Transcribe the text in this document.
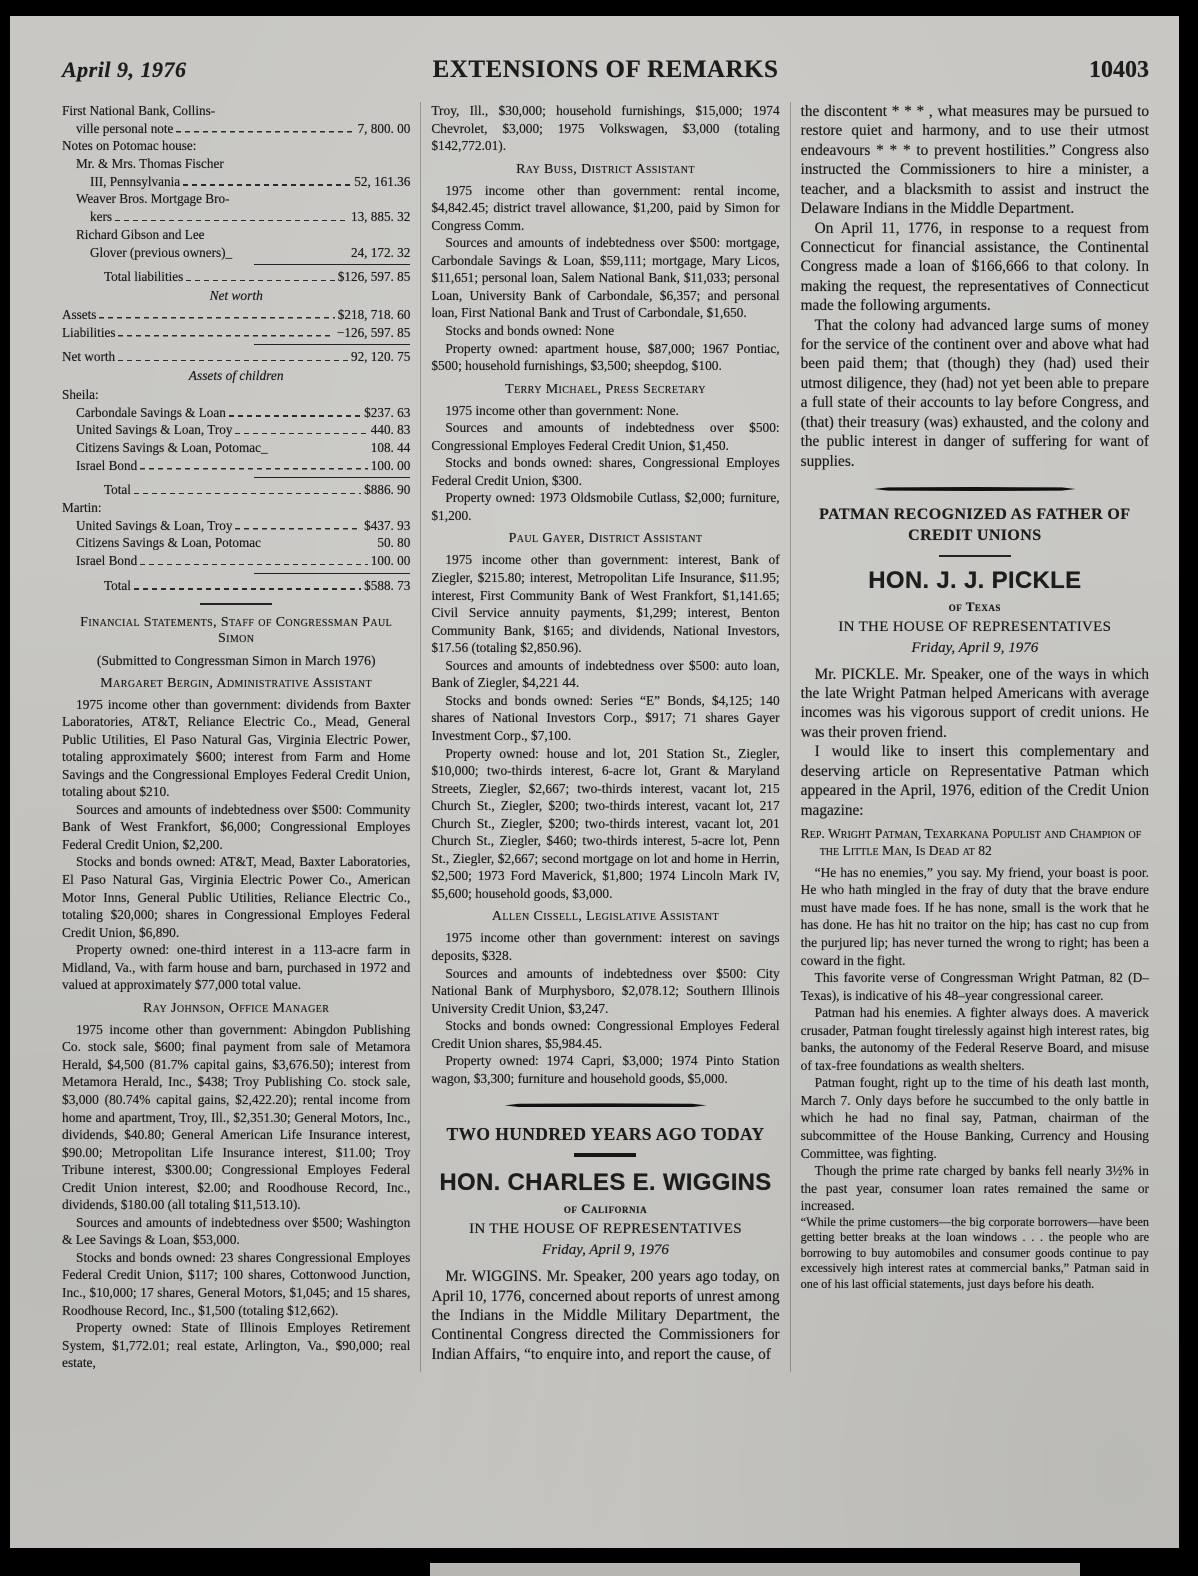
April 9, 1976	EXTENSIONS OF REMARKS	10403
First National Bank, Collins-
ville personal note	7, 800. 00
Notes on Potomac house:
Mr. & Mrs. Thomas Fischer
III, Pennsylvania	52, 161.36
Weaver Bros. Mortgage Bro-
kers	13, 885. 32
Richard Gibson and Lee
Glover (previous owners)_	24, 172. 32
Total liabilities	$126, 597. 85
Net worth
Assets	$218, 718. 60
Liabilities	−126, 597. 85
Net worth	92, 120. 75
Assets of children
Sheila:
Carbondale Savings & Loan	$237. 63
United Savings & Loan, Troy	440. 83
Citizens Savings & Loan, Potomac_	108. 44
Israel Bond	100. 00
Total	$886. 90
Martin:
United Savings & Loan, Troy	$437. 93
Citizens Savings & Loan, Potomac	50. 80
Israel Bond	100. 00
Total	$588. 73
Financial Statements, Staff of Congressman Paul Simon
(Submitted to Congressman Simon in March 1976)
Margaret Bergin, Administrative Assistant

1975 income other than government: dividends from Baxter Laboratories, AT&T, Reliance Electric Co., Mead, General Public Utilities, El Paso Natural Gas, Virginia Electric Power, totaling approximately $600; interest from Farm and Home Savings and the Congressional Employes Federal Credit Union, totaling about $210.

Sources and amounts of indebtedness over $500: Community Bank of West Frankfort, $6,000; Congressional Employes Federal Credit Union, $2,200.

Stocks and bonds owned: AT&T, Mead, Baxter Laboratories, El Paso Natural Gas, Virginia Electric Power Co., American Motor Inns, General Public Utilities, Reliance Electric Co., totaling $20,000; shares in Congressional Employes Federal Credit Union, $6,890.

Property owned: one-third interest in a 113-acre farm in Midland, Va., with farm house and barn, purchased in 1972 and valued at approximately $77,000 total value.

Ray Johnson, Office Manager

1975 income other than government: Abingdon Publishing Co. stock sale, $600; final payment from sale of Metamora Herald, $4,500 (81.7% capital gains, $3,676.50); interest from Metamora Herald, Inc., $438; Troy Publishing Co. stock sale, $3,000 (80.74% capital gains, $2,422.20); rental income from home and apartment, Troy, Ill., $2,351.30; General Motors, Inc., dividends, $40.80; General American Life Insurance interest, $90.00; Metropolitan Life Insurance interest, $11.00; Troy Tribune interest, $300.00; Congressional Employes Federal Credit Union interest, $2.00; and Roodhouse Record, Inc., dividends, $180.00 (all totaling $11,513.10).

Sources and amounts of indebtedness over $500; Washington & Lee Savings & Loan, $53,000.

Stocks and bonds owned: 23 shares Congressional Employes Federal Credit Union, $117; 100 shares, Cottonwood Junction, Inc., $10,000; 17 shares, General Motors, $1,045; and 15 shares, Roodhouse Record, Inc., $1,500 (totaling $12,662).

Property owned: State of Illinois Employes Retirement System, $1,772.01; real estate, Arlington, Va., $90,000; real estate,

Troy, Ill., $30,000; household furnishings, $15,000; 1974 Chevrolet, $3,000; 1975 Volkswagen, $3,000 (totaling $142,772.01).

Ray Buss, District Assistant

1975 income other than government: rental income, $4,842.45; district travel allowance, $1,200, paid by Simon for Congress Comm.

Sources and amounts of indebtedness over $500: mortgage, Carbondale Savings & Loan, $59,111; mortgage, Mary Licos, $11,651; personal loan, Salem National Bank, $11,033; personal Loan, University Bank of Carbondale, $6,357; and personal loan, First National Bank and Trust of Carbondale, $1,650.

Stocks and bonds owned: None

Property owned: apartment house, $87,000; 1967 Pontiac, $500; household furnishings, $3,500; sheepdog, $100.

Terry Michael, Press Secretary

1975 income other than government: None.

Sources and amounts of indebtedness over $500: Congressional Employes Federal Credit Union, $1,450.

Stocks and bonds owned: shares, Congressional Employes Federal Credit Union, $300.

Property owned: 1973 Oldsmobile Cutlass, $2,000; furniture, $1,200.

Paul Gayer, District Assistant

1975 income other than government: interest, Bank of Ziegler, $215.80; interest, Metropolitan Life Insurance, $11.95; interest, First Community Bank of West Frankfort, $1,141.65; Civil Service annuity payments, $1,299; interest, Benton Community Bank, $165; and dividends, National Investors, $17.56 (totaling $2,850.96).

Sources and amounts of indebtedness over $500: auto loan, Bank of Ziegler, $4,221 44.

Stocks and bonds owned: Series “E” Bonds, $4,125; 140 shares of National Investors Corp., $917; 71 shares Gayer Investment Corp., $7,100.

Property owned: house and lot, 201 Station St., Ziegler, $10,000; two-thirds interest, 6-acre lot, Grant & Maryland Streets, Ziegler, $2,667; two-thirds interest, vacant lot, 215 Church St., Ziegler, $200; two-thirds interest, vacant lot, 217 Church St., Ziegler, $200; two-thirds interest, vacant lot, 201 Church St., Ziegler, $460; two-thirds interest, 5-acre lot, Penn St., Ziegler, $2,667; second mortgage on lot and home in Herrin, $2,500; 1973 Ford Maverick, $1,800; 1974 Lincoln Mark IV, $5,600; household goods, $3,000.

Allen Cissell, Legislative Assistant

1975 income other than government: interest on savings deposits, $328.

Sources and amounts of indebtedness over $500: City National Bank of Murphysboro, $2,078.12; Southern Illinois University Credit Union, $3,247.

Stocks and bonds owned: Congressional Employes Federal Credit Union shares, $5,984.45.

Property owned: 1974 Capri, $3,000; 1974 Pinto Station wagon, $3,300; furniture and household goods, $5,000.

TWO HUNDRED YEARS AGO TODAY
HON. CHARLES E. WIGGINS
of California
IN THE HOUSE OF REPRESENTATIVES
Friday, April 9, 1976

Mr. WIGGINS. Mr. Speaker, 200 years ago today, on April 10, 1776, concerned about reports of unrest among the Indians in the Middle Military Department, the Continental Congress directed the Commissioners for Indian Affairs, “to enquire into, and report the cause, of

the discontent * * * , what measures may be pursued to restore quiet and harmony, and to use their utmost endeavours * * * to prevent hostilities.” Congress also instructed the Commissioners to hire a minister, a teacher, and a blacksmith to assist and instruct the Delaware Indians in the Middle Department.

On April 11, 1776, in response to a request from Connecticut for financial assistance, the Continental Congress made a loan of $166,666 to that colony. In making the request, the representatives of Connecticut made the following arguments.

That the colony had advanced large sums of money for the service of the continent over and above what had been paid them; that (though) they (had) used their utmost diligence, they (had) not yet been able to prepare a full state of their accounts to lay before Congress, and (that) their treasury (was) exhausted, and the colony and the public interest in danger of suffering for want of supplies.

PATMAN RECOGNIZED AS FATHER OF CREDIT UNIONS
HON. J. J. PICKLE
of Texas
IN THE HOUSE OF REPRESENTATIVES
Friday, April 9, 1976

Mr. PICKLE. Mr. Speaker, one of the ways in which the late Wright Patman helped Americans with average incomes was his vigorous support of credit unions. He was their proven friend.

I would like to insert this complementary and deserving article on Representative Patman which appeared in the April, 1976, edition of the Credit Union magazine:

Rep. Wright Patman, Texarkana Populist and Champion of the Little Man, Is Dead at 82

“He has no enemies,” you say. My friend, your boast is poor. He who hath mingled in the fray of duty that the brave endure must have made foes. If he has none, small is the work that he has done. He has hit no traitor on the hip; has cast no cup from the purjured lip; has never turned the wrong to right; has been a coward in the fight.

This favorite verse of Congressman Wright Patman, 82 (D–Texas), is indicative of his 48–year congressional career.

Patman had his enemies. A fighter always does. A maverick crusader, Patman fought tirelessly against high interest rates, big banks, the autonomy of the Federal Reserve Board, and misuse of tax-free foundations as wealth shelters.

Patman fought, right up to the time of his death last month, March 7. Only days before he succumbed to the only battle in which he had no final say, Patman, chairman of the subcommittee of the House Banking, Currency and Housing Committee, was fighting.

Though the prime rate charged by banks fell nearly 3½% in the past year, consumer loan rates remained the same or increased.

“While the prime customers—the big corporate borrowers—have been getting better breaks at the loan windows . . . the people who are borrowing to buy automobiles and consumer goods continue to pay excessively high interest rates at commercial banks,” Patman said in one of his last official statements, just days before his death.
